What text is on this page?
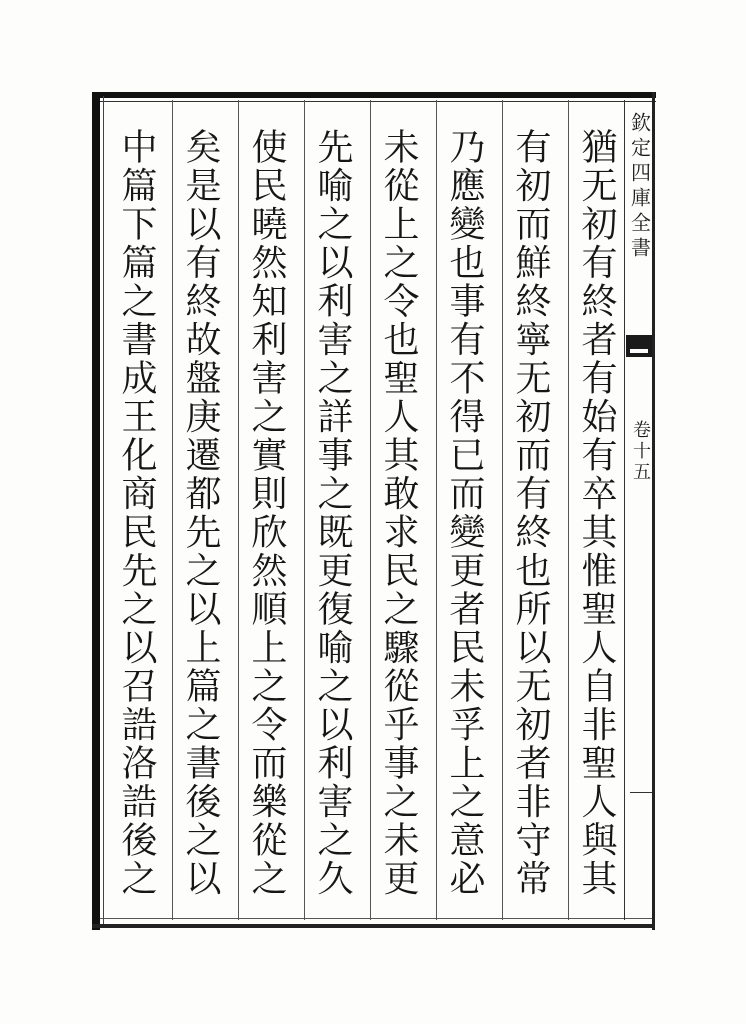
欽定四庫全書
卷十五
猶无初有終者有始有卒其惟聖人自非聖人與其
有初而鮮終寧无初而有終也所以无初者非守常
乃應變也事有不得已而變更者民未孚上之意必
未從上之令也聖人其敢求民之驟從乎事之未更
先喻之以利害之詳事之既更復喻之以利害之久
使民曉然知利害之實則欣然順上之令而樂從之
矣是以有終故盤庚遷都先之以上篇之書後之以
中篇下篇之書成王化商民先之以召誥洛誥後之
